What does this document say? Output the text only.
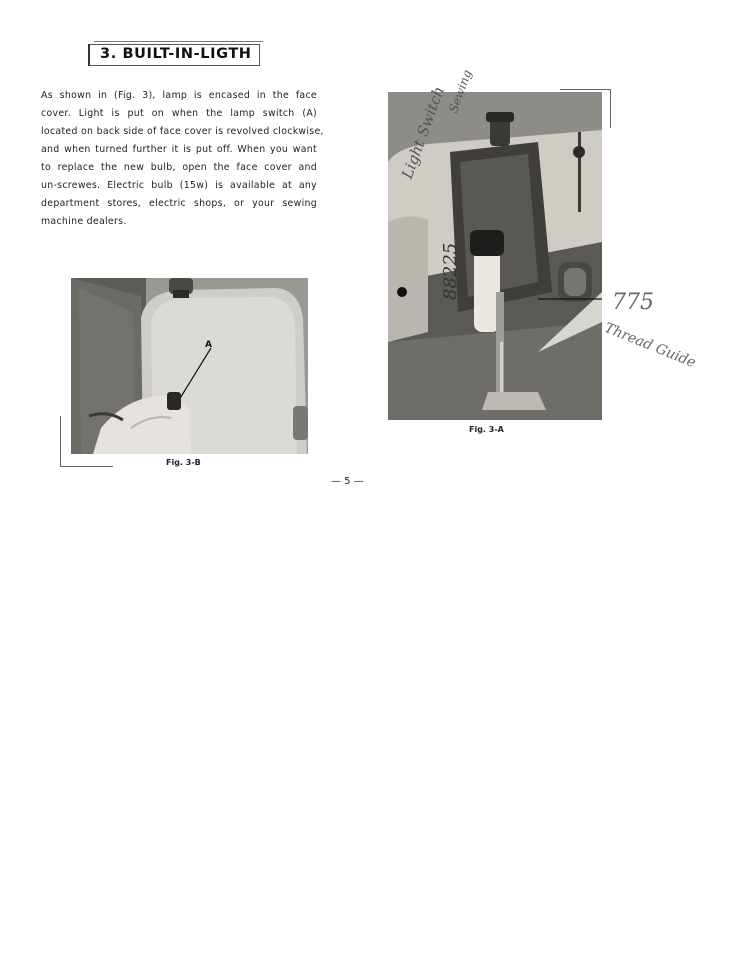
3. BUILT-IN-LIGTH
As shown in (Fig. 3), lamp is encased in the face
cover. Light is put on when the lamp switch (A)
located on back side of face cover is revolved clockwise,
and when turned further it is put off. When you want
to replace the new bulb, open the face cover and
un-screwes. Electric bulb (15w) is available at any
department stores, electric shops, or your sewing
machine dealers.
A
Fig. 3-B
Fig. 3-A
Light Switch
Sewing
88225
775
Thread Guide
— 5 —
